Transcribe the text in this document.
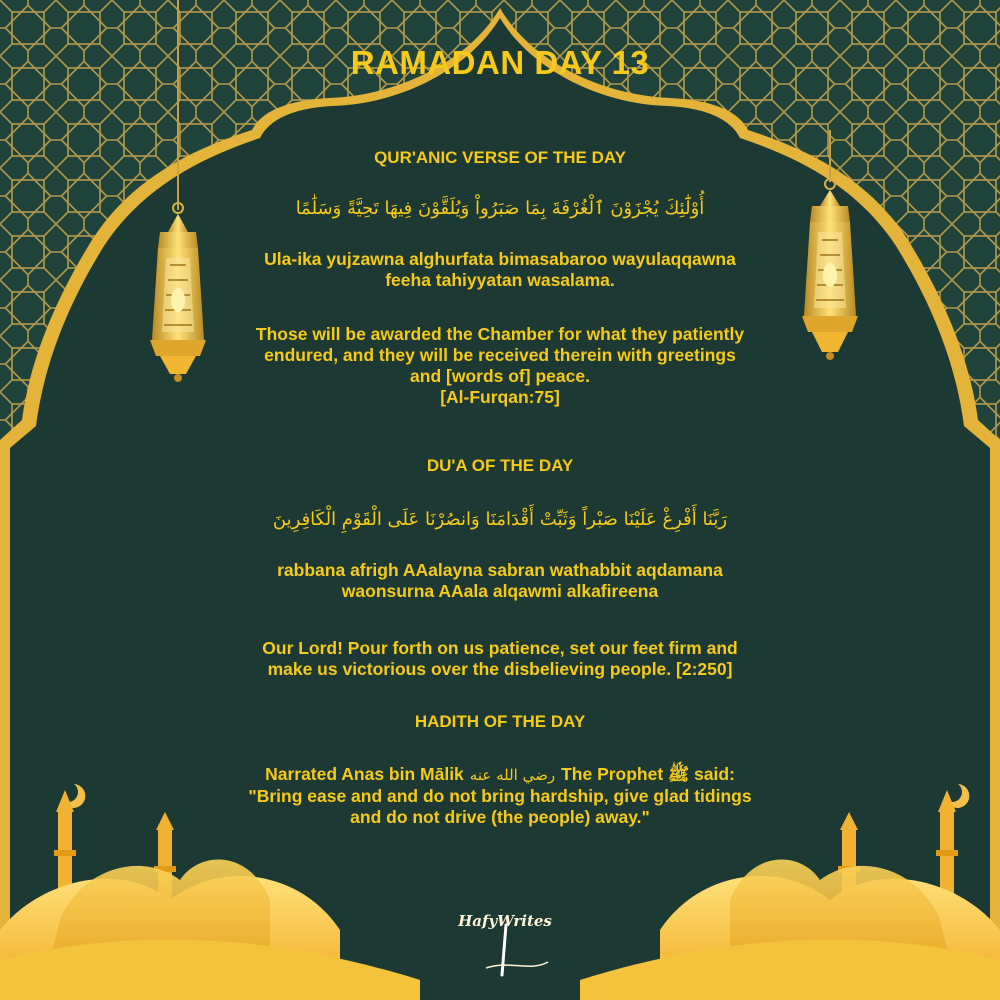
RAMADAN DAY 13
QUR'ANIC VERSE OF THE DAY
أُوْلَٰٓئِكَ يُجْزَوْنَ ٱلْغُرْفَةَ بِمَا صَبَرُواْ وَيُلَقَّوْنَ فِيهَا تَحِيَّةً وَسَلَٰمًا
Ula-ika yujzawna alghurfata bimasabaroo wayulaqqawna
feeha tahiyyatan wasalama.
Those will be awarded the Chamber for what they patiently
endured, and they will be received therein with greetings
and [words of] peace.
[Al-Furqan:75]
DU'A OF THE DAY
رَبَّنَا أَفْرِغْ عَلَيْنَا صَبْراً وَثَبِّتْ أَقْدَامَنَا وَانصُرْنَا عَلَى الْقَوْمِ الْكَافِرِينَ
rabbana afrigh AAalayna sabran wathabbit aqdamana
waonsurna AAala alqawmi alkafireena
Our Lord! Pour forth on us patience, set our feet firm and
make us victorious over the disbelieving people. [2:250]
HADITH OF THE DAY
Narrated Anas bin Mālik رضي الله عنه The Prophet ﷺ said:
"Bring ease and and do not bring hardship, give glad tidings
and do not drive (the people) away."
HafyWrites
